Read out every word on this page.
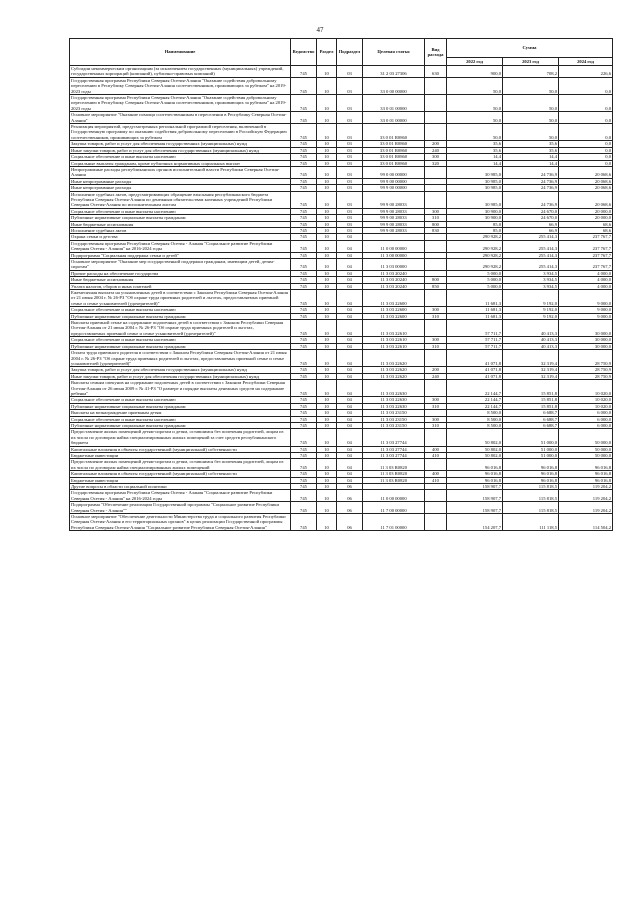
47
Наименование	Ведомство	Раздел	Подраздел	Целевая статья	Вид расхода	Сумма		
						2022 год	2023 год	2024 год
Субсидии некоммерческим организациям (за исключением государственных (муниципальных) учреждений, государственных корпораций (компаний), публично-правовых компаний)	745	10	03	31 2 03 27306	630	900,0	708,2	226,6
Государственная программа Республики Северная Осетия-Алания "Оказание содействия добровольному переселению в Республику Северная Осетия-Алания соотечественников, проживающих за рубежом" на 2019-2023 годы	745	10	03	33 0 00 00000		50,0	50,0	0,0
Государственная программа Республики Северная Осетия-Алания "Оказание содействия добровольному переселению в Республику Северная Осетия-Алания соотечественников, проживающих за рубежом" на 2019-2023 годы	745	10	03	33 0 01 00000		50,0	50,0	0,0
Основное мероприятие "Оказание помощи соотечественникам в переселении в Республику Северная Осетия-Алания"	745	10	03	33 0 01 00000		50,0	50,0	0,0
Реализация мероприятий, предусмотренных региональной программой переселения, включенной в Государственную программу по оказанию содействия добровольному переселению в Российскую Федерацию соотечественников, проживающих за рубежом	745	10	03	33 0 01 R0860		50,0	50,0	0,0
Закупка товаров, работ и услуг для обеспечения государственных (муниципальных) нужд	745	10	03	33 0 01 R0860	200	35,6	35,6	0,0
Иные закупки товаров, работ и услуг для обеспечения государственных (муниципальных) нужд	745	10	03	33 0 01 R0860	240	35,6	35,6	0,0
Социальное обеспечение и иные выплаты населению	745	10	03	33 0 01 R0860	300	14,4	14,4	0,0
Социальные выплаты гражданам, кроме публичных нормативных социальных выплат	745	10	03	33 0 01 R0860	320	14,4	14,4	0,0
Непрограммные расходы республиканских органов исполнительной власти Республики Северная Осетия-Алания	745	10	03	99 0 00 00000		30 985,0	24 736,9	20 068,6
Иные непрограммные расходы	745	10	03	99 9 00 00000		30 985,0	24 736,9	20 068,6
Иные непрограммные расходы	745	10	03	99 9 00 00000		30 985,0	24 736,9	20 068,6
Исполнение судебных актов, предусматривающих обращение взыскания республиканского бюджета Республики Северная Осетия-Алания по денежным обязательствам казенных учреждений Республики Северная Осетия-Алания по исполнительным листам	745	10	03	99 9 00 28033		30 985,0	24 736,9	20 068,6
Социальное обеспечение и иные выплаты населению	745	10	03	99 9 00 28033	300	30 900,0	24 670,0	20 000,0
Публичные нормативные социальные выплаты гражданам	745	10	03	99 9 00 28033	310	30 900,0	24 670,0	20 000,0
Иные бюджетные ассигнования	745	10	03	99 9 00 28033	800	85,0	66,9	68,6
Исполнение судебных актов	745	10	03	99 9 00 28033	830	85,0	66,9	68,6
Охрана семьи и детства	745	10	04			290 928,2	255 414,3	237 767,7
Государственная программа Республики Северная Осетия - Алания "Социальное развитие Республики Северная Осетия - Алания" на 2016-2024 годы	745	10	04	11 0 00 00000		290 928,2	255 414,3	237 767,7
Подпрограмма "Социальная поддержка семьи и детей"	745	10	04	11 3 00 00000		290 928,2	255 414,3	237 767,7
Основное мероприятие "Оказание мер государственной поддержки гражданам, имеющим детей, детям-сиротам"	745	10	04	11 3 03 00000		290 928,2	255 414,3	237 767,7
Прочие расходы на обеспечение государства	745	10	04	11 3 03 20240		5 000,0	3 934,5	4 000,0
Иные бюджетные ассигнования	745	10	04	11 3 03 20240	800	5 000,0	3 934,5	4 000,0
Уплата налогов, сборов и иных платежей	745	10	04	11 3 03 20240	850	5 000,0	3 934,5	4 000,0
Ежемесячная выплата на усыновленных детей в соответствии с Законом Республики Северная Осетия-Алания от 21 июня 2004 г. № 26-РЗ "Об охране труда приемных родителей и льготах, предоставляемых приемной семье и семье усыновителей (удочерителей)"	745	10	04	11 3 03 22600		11 681,3	9 192,0	9 000,0
Социальное обеспечение и иные выплаты населению	745	10	04	11 3 03 22600	300	11 681,3	9 192,0	9 000,0
Публичные нормативные социальные выплаты гражданам	745	10	04	11 3 03 22600	310	11 681,3	9 192,0	9 000,0
Выплаты приемной семье на содержание подопечных детей в соответствии с Законом Республики Северная Осетия-Алания от 21 июня 2004 г. № 26-РЗ "Об охране труда приемных родителей и льготах, предоставляемых приемной семье и семье усыновителей (удочерителей)"	745	10	04	11 3 03 22610		57 711,7	40 413,3	30 000,0
Социальное обеспечение и иные выплаты населению	745	10	04	11 3 03 22610	300	57 711,7	40 413,3	30 000,0
Публичные нормативные социальные выплаты гражданам	745	10	04	11 3 03 22610	310	57 711,7	40 413,3	30 000,0
Оплата труда приемного родителя в соответствии с Законом Республики Северная Осетия-Алания от 21 июня 2004 г. № 26-РЗ "Об охране труда приемных родителей и льготах, предоставляемых приемной семье и семье усыновителей (удочерителей)"	745	10	04	11 3 03 22620		41 071,8	32 319,4	28 750,9
Закупка товаров, работ и услуг для обеспечения государственных (муниципальных) нужд	745	10	04	11 3 03 22620	200	41 071,8	32 319,4	28 750,9
Иные закупки товаров, работ и услуг для обеспечения государственных (муниципальных) нужд	745	10	04	11 3 03 22620	240	41 071,8	32 319,4	28 750,9
Выплаты семьям опекунов на содержание подопечных детей в соответствии с Законом Республики Северная Осетия-Алания от 26 июня 2009 г. № 41-РЗ "О размере и порядке выплаты денежных средств на содержание ребенка"	745	10	04	11 3 03 22630		22 144,7	15 851,8	10 020,0
Социальное обеспечение и иные выплаты населению	745	10	04	11 3 03 22630	300	22 144,7	15 851,8	10 020,0
Публичные нормативные социальные выплаты гражданам	745	10	04	11 3 03 22630	310	22 144,7	15 851,8	10 020,0
Выплаты на вознаграждение приемным детям	745	10	04	11 3 03 23150		8 500,0	6 688,7	6 000,0
Социальное обеспечение и иные выплаты населению	745	10	04	11 3 03 23150	300	8 500,0	6 688,7	6 000,0
Публичные нормативные социальные выплаты гражданам	745	10	04	11 3 03 23150	310	8 500,0	6 688,7	6 000,0
Предоставление жилых помещений детям-сиротам и детям, оставшимся без попечения родителей, лицам из их числа по договорам найма специализированных жилых помещений за счет средств республиканского бюджета	745	10	04	11 3 03 27744		50 802,0	51 000,0	50 000,0
Капитальные вложения в объекты государственной (муниципальной) собственности	745	10	04	11 3 03 27744	400	50 802,0	51 000,0	50 000,0
Бюджетные инвестиции	745	10	04	11 3 03 27744	410	50 802,0	51 000,0	50 000,0
Предоставление жилых помещений детям-сиротам и детям, оставшимся без попечения родителей, лицам из их числа по договорам найма специализированных жилых помещений	745	10	04	11 3 03 R0820		96 016,8	96 016,8	96 016,8
Капитальные вложения в объекты государственной (муниципальной) собственности	745	10	04	11 3 03 R0820	400	96 016,8	96 016,8	96 016,8
Бюджетные инвестиции	745	10	04	11 3 03 R0820	410	96 016,8	96 016,8	96 016,8
Другие вопросы в области социальной политики	745	10	06			158 907,7	115 818,5	119 204,2
Государственная программа Республики Северная Осетия - Алания "Социальное развитие Республики Северная Осетия - Алания" на 2016-2024 годы	745	10	06	11 0 00 00000		158 907,7	115 818,5	119 204,2
Подпрограмма "Обеспечение реализации Государственной программы "Социальное развитие Республики Северная Осетия - Алания""	745	10	06	11 7 00 00000		158 907,7	115 818,5	119 204,2
Основное мероприятие "Обеспечение деятельности Министерства труда и социального развития Республики Северная Осетия-Алания и его территориальных органов" в целях реализации Государственной программы Республики Северная Осетия-Алания "Социальное развитие Республики Северная Осетия-Алания"	745	10	06	11 7 01 00000		154 207,7	111 118,5	114 504,2
